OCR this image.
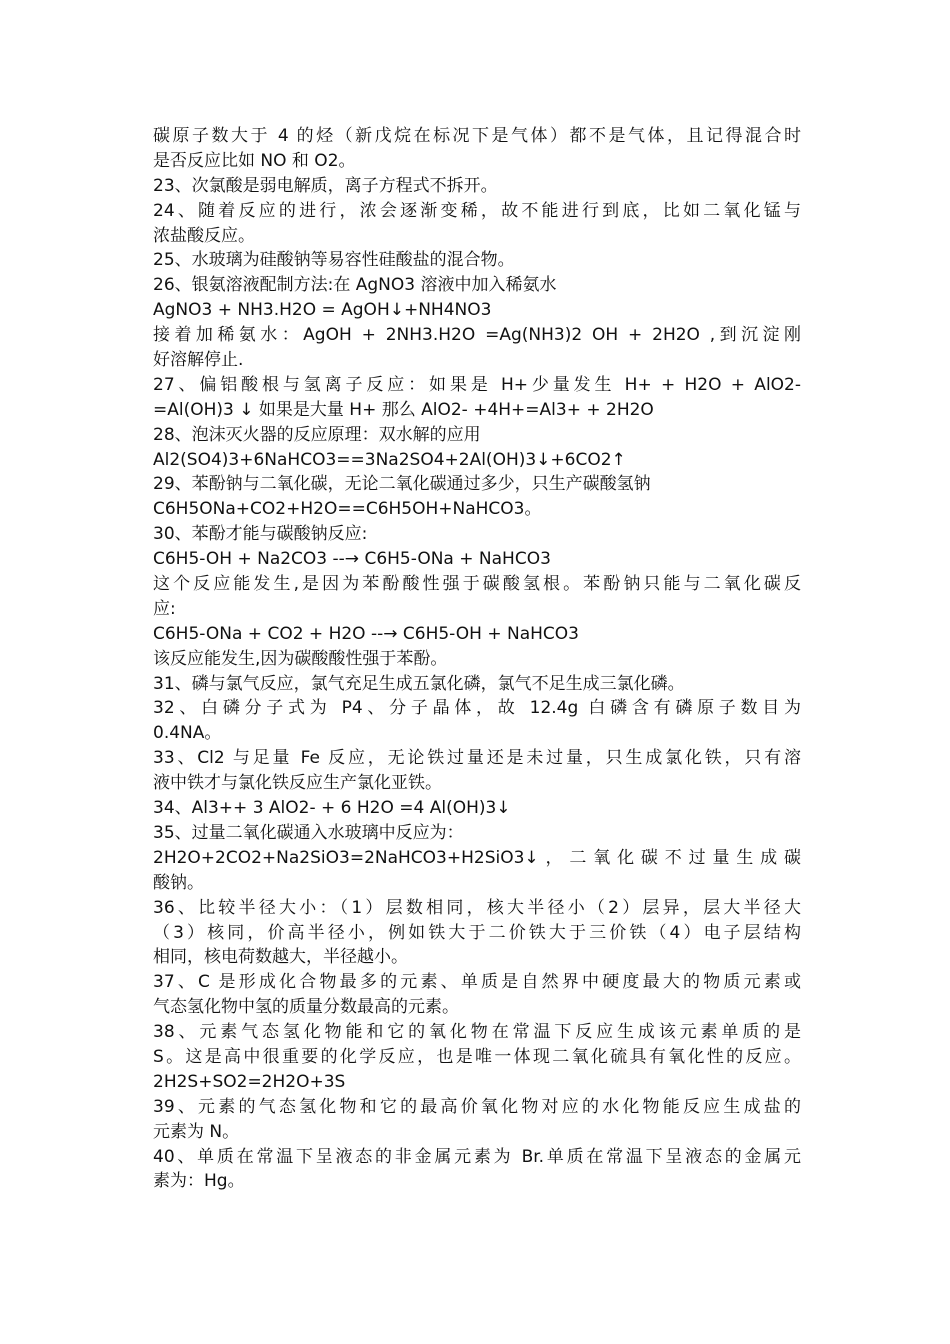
碳原子数大于 4 的烃（新戊烷在标况下是气体）都不是气体，且记得混合时
是否反应比如 NO 和 O2。
23、次氯酸是弱电解质，离子方程式不拆开。
24、随着反应的进行，浓会逐渐变稀，故不能进行到底，比如二氧化锰与
浓盐酸反应。
25、水玻璃为硅酸钠等易容性硅酸盐的混合物。
26、银氨溶液配制方法:在 AgNO3 溶液中加入稀氨水
AgNO3 + NH3.H2O = AgOH↓+NH4NO3
接着加稀氨水：AgOH + 2NH3.H2O =Ag(NH3)2 OH + 2H2O ,到沉淀刚
好溶解停止.
27、偏铝酸根与氢离子反应：如果是 H+少量发生 H+ + H2O + AlO2-
=Al(OH)3 ↓ 如果是大量 H+ 那么 AlO2- +4H+=Al3+ + 2H2O
28、泡沫灭火器的反应原理：双水解的应用
Al2(SO4)3+6NaHCO3==3Na2SO4+2Al(OH)3↓+6CO2↑
29、苯酚钠与二氧化碳，无论二氧化碳通过多少，只生产碳酸氢钠
C6H5ONa+CO2+H2O==C6H5OH+NaHCO3。
30、苯酚才能与碳酸钠反应:
C6H5-OH + Na2CO3 --→ C6H5-ONa + NaHCO3
这个反应能发生,是因为苯酚酸性强于碳酸氢根。苯酚钠只能与二氧化碳反
应:
C6H5-ONa + CO2 + H2O --→ C6H5-OH + NaHCO3
该反应能发生,因为碳酸酸性强于苯酚。
31、磷与氯气反应，氯气充足生成五氯化磷，氯气不足生成三氯化磷。
32、白磷分子式为 P4、分子晶体，故 12.4g 白磷含有磷原子数目为
0.4NA。
33、Cl2 与足量 Fe 反应，无论铁过量还是未过量，只生成氯化铁，只有溶
液中铁才与氯化铁反应生产氯化亚铁。
34、Al3++ 3 AlO2- + 6 H2O =4 Al(OH)3↓
35、过量二氧化碳通入水玻璃中反应为：
2H2O+2CO2+Na2SiO3=2NaHCO3+H2SiO3↓，二氧化碳不过量生成碳
酸钠。
36、比较半径大小：（1）层数相同，核大半径小（2）层异，层大半径大
（3）核同，价高半径小，例如铁大于二价铁大于三价铁（4）电子层结构
相同，核电荷数越大，半径越小。
37、C 是形成化合物最多的元素、单质是自然界中硬度最大的物质元素或
气态氢化物中氢的质量分数最高的元素。
38、元素气态氢化物能和它的氧化物在常温下反应生成该元素单质的是
S。这是高中很重要的化学反应，也是唯一体现二氧化硫具有氧化性的反应。
2H2S+SO2=2H2O+3S
39、元素的气态氢化物和它的最高价氧化物对应的水化物能反应生成盐的
元素为 N。
40、单质在常温下呈液态的非金属元素为 Br.单质在常温下呈液态的金属元
素为：Hg。
